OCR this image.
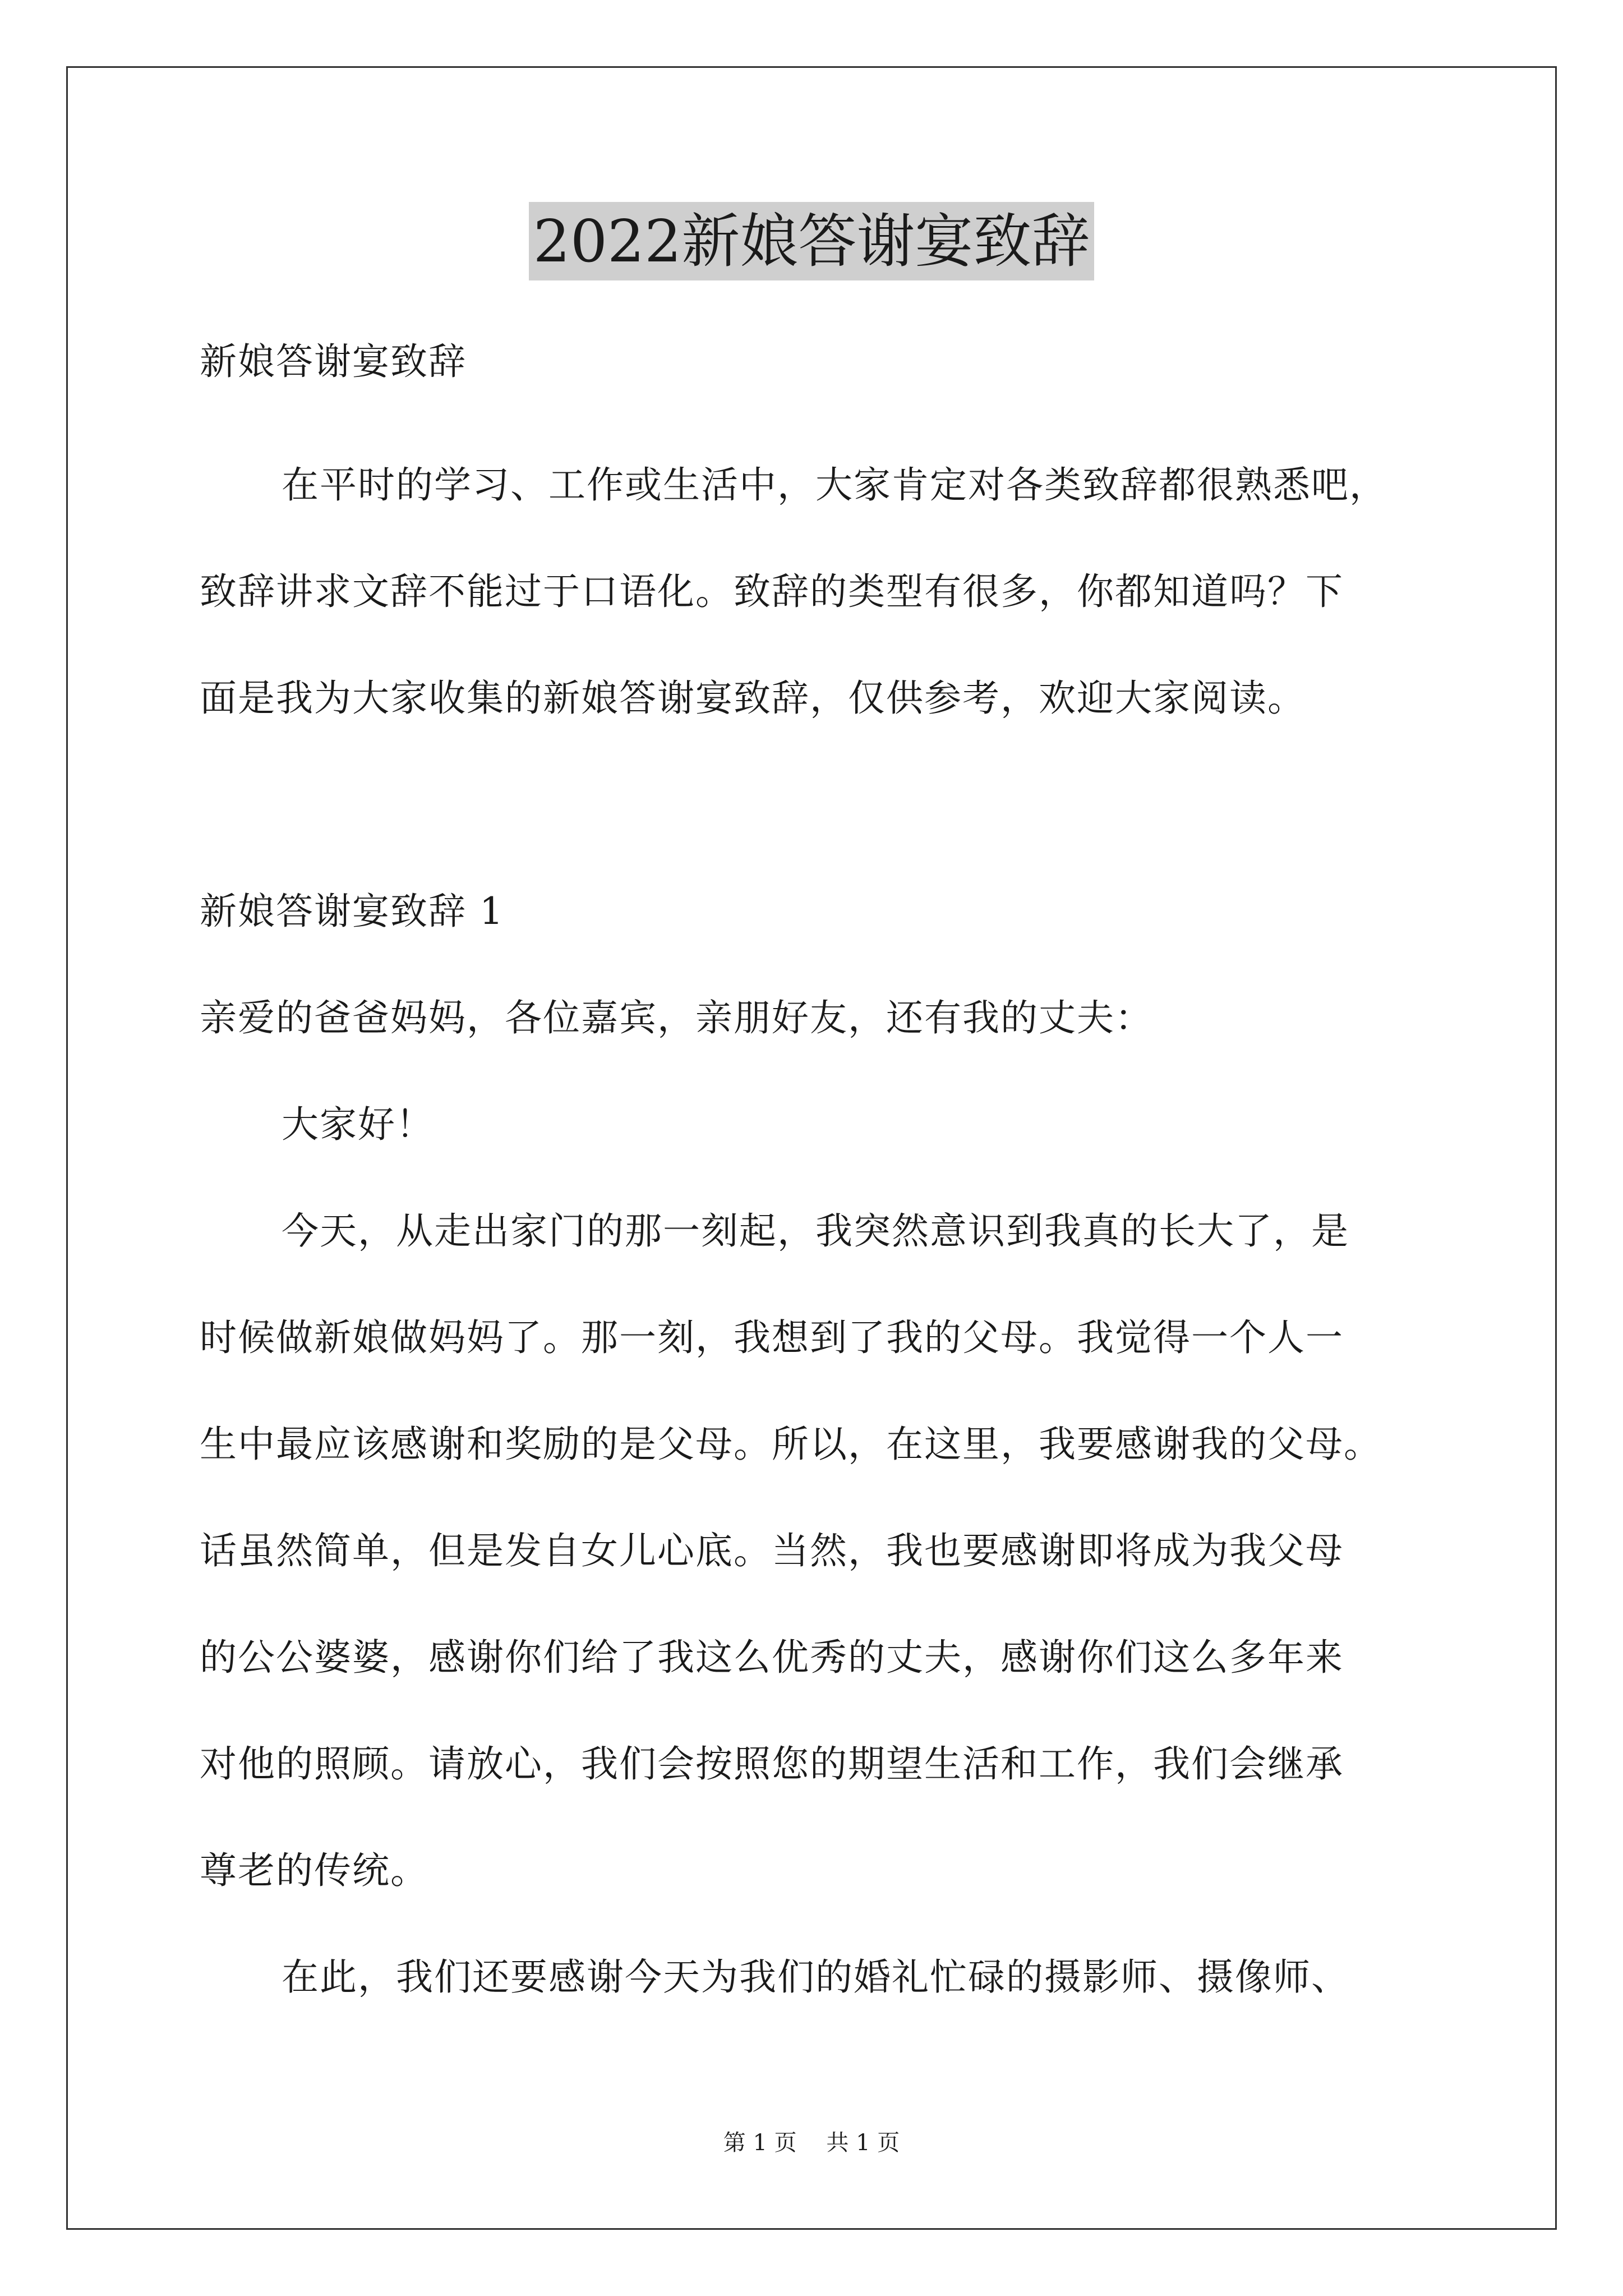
2022新娘答谢宴致辞
新娘答谢宴致辞
在平时的学习、工作或生活中，大家肯定对各类致辞都很熟悉吧，
致辞讲求文辞不能过于口语化。致辞的类型有很多，你都知道吗？下
面是我为大家收集的新娘答谢宴致辞，仅供参考，欢迎大家阅读。
新娘答谢宴致辞 1
亲爱的爸爸妈妈，各位嘉宾，亲朋好友，还有我的丈夫：
大家好！
今天，从走出家门的那一刻起，我突然意识到我真的长大了，是
时候做新娘做妈妈了。那一刻，我想到了我的父母。我觉得一个人一
生中最应该感谢和奖励的是父母。所以，在这里，我要感谢我的父母。
话虽然简单，但是发自女儿心底。当然，我也要感谢即将成为我父母
的公公婆婆，感谢你们给了我这么优秀的丈夫，感谢你们这么多年来
对他的照顾。请放心，我们会按照您的期望生活和工作，我们会继承
尊老的传统。
在此，我们还要感谢今天为我们的婚礼忙碌的摄影师、摄像师、
第 1 页 共 1 页
